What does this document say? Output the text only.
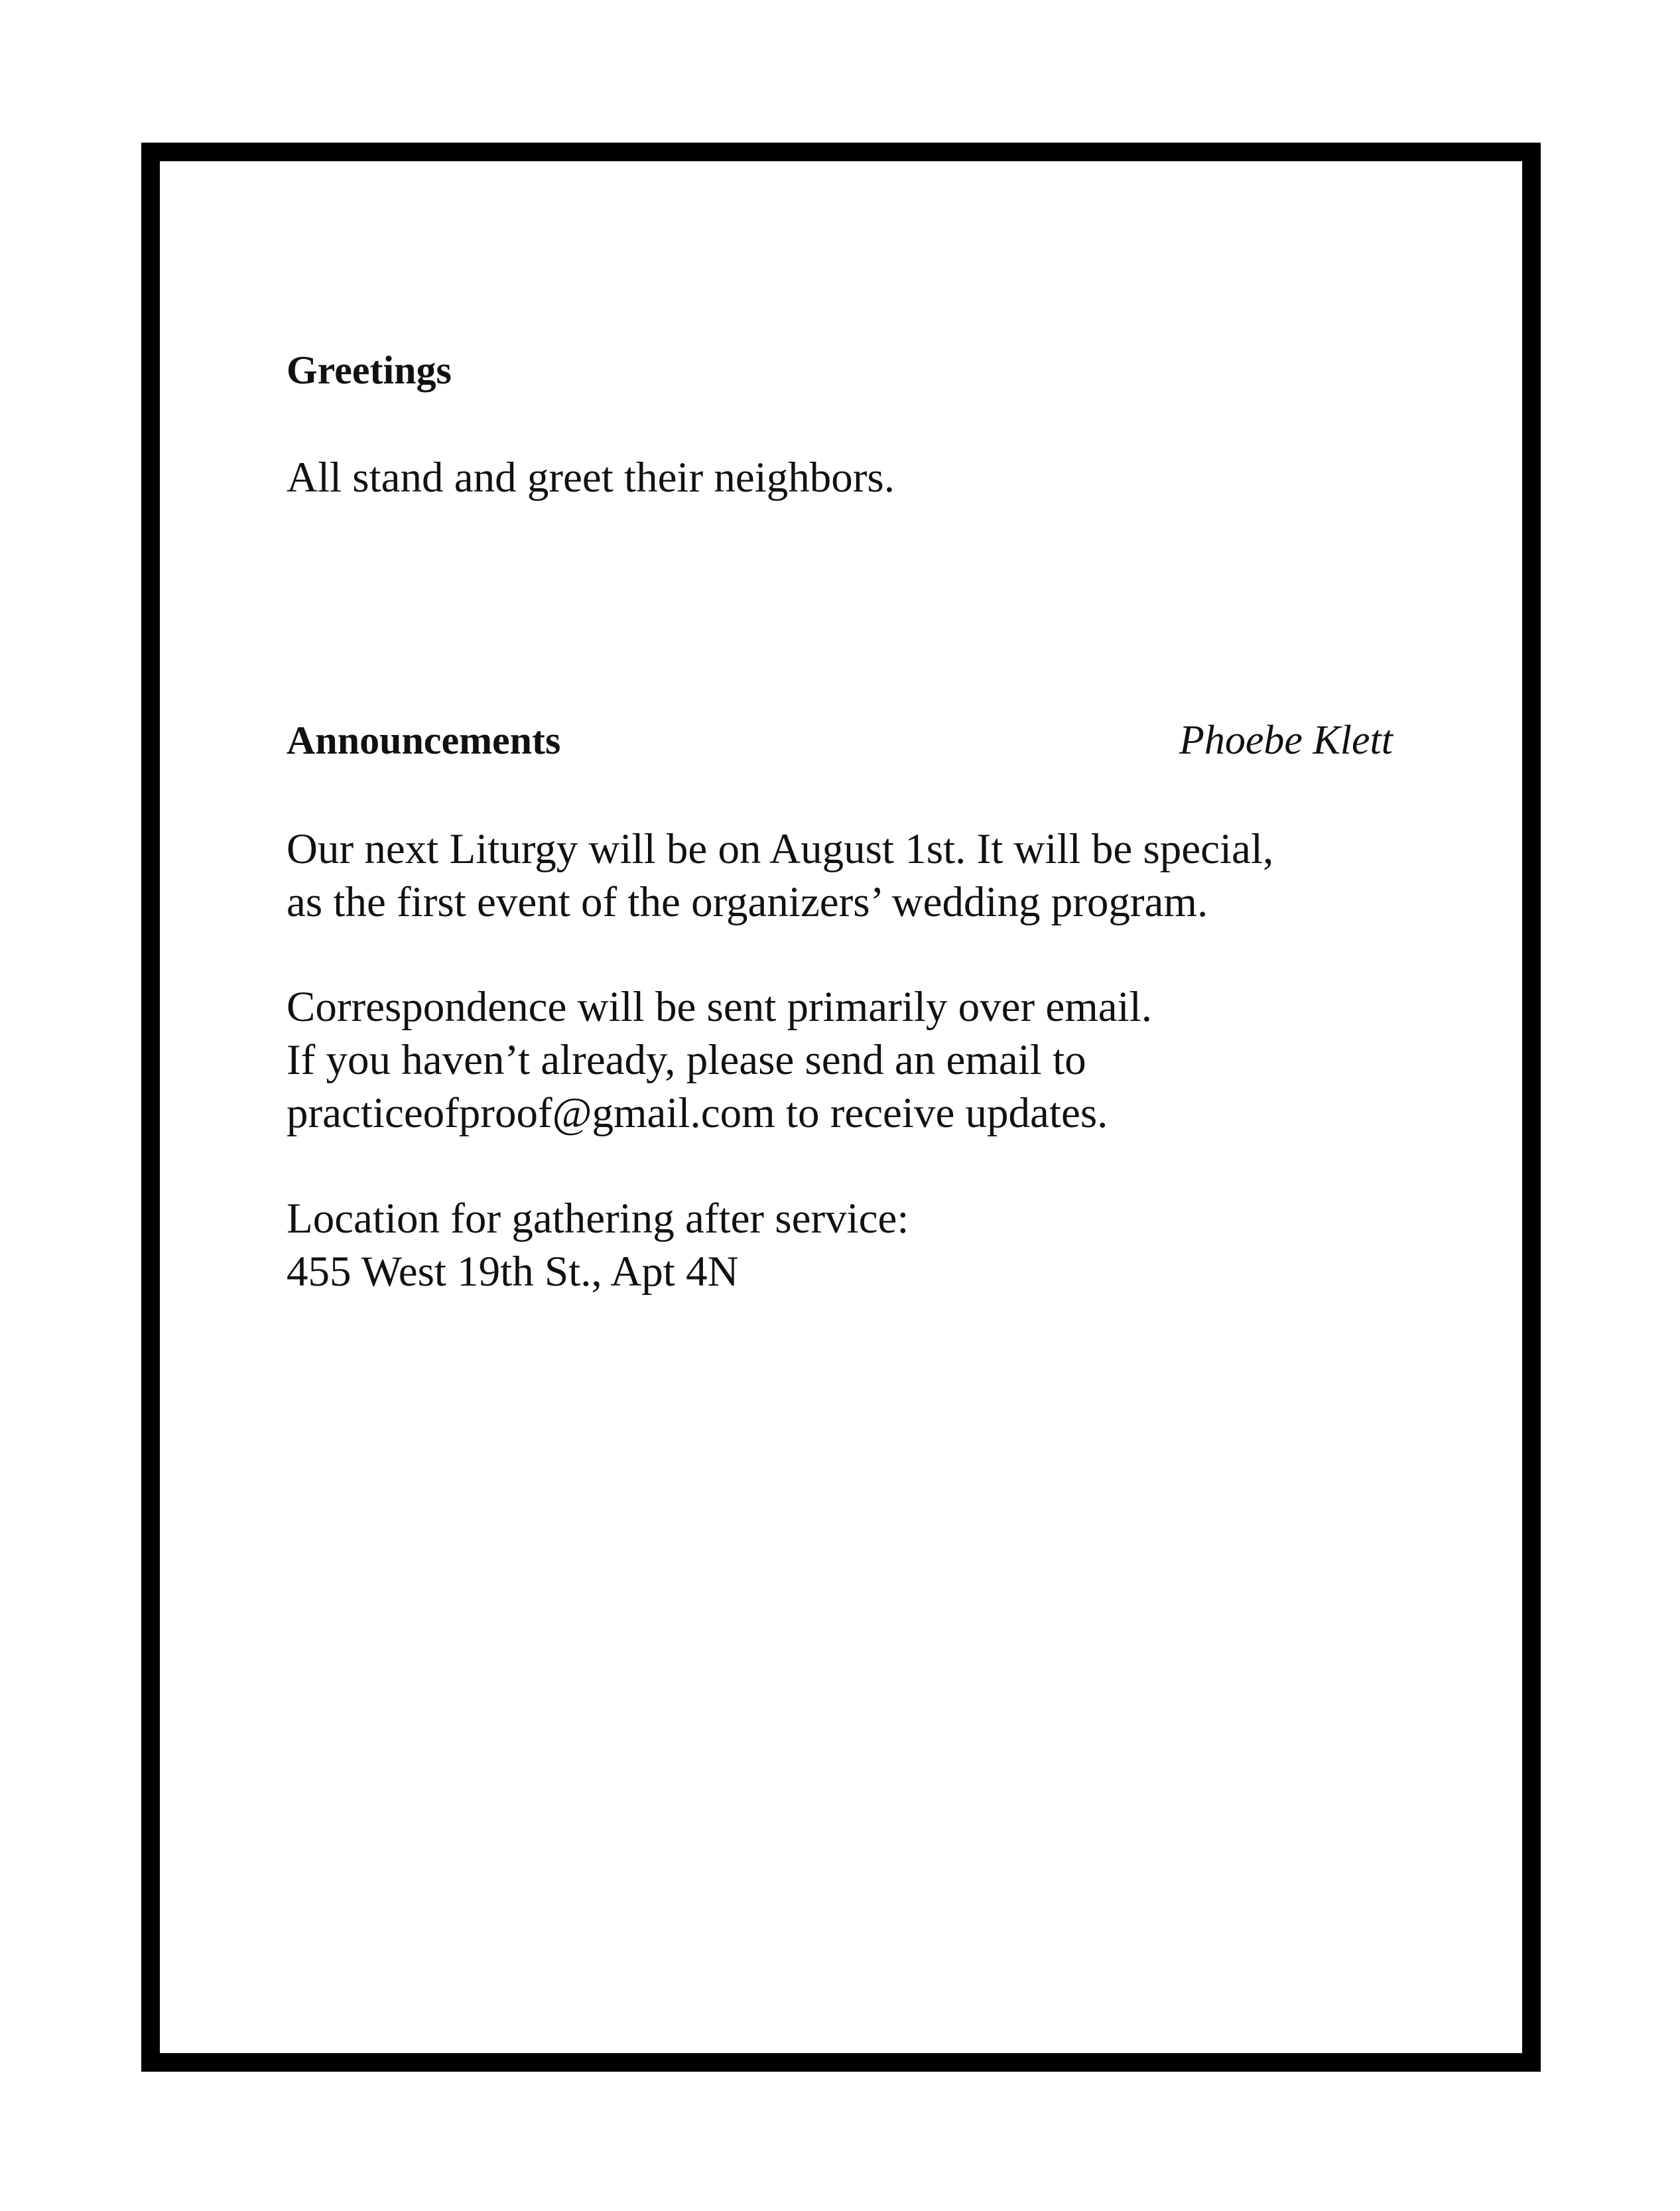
Greetings

All stand and greet their neighbors.

Announcements	Phoebe Klett

Our next Liturgy will be on August 1st. It will be special,
as the first event of the organizers’ wedding program.

Correspondence will be sent primarily over email.
If you haven’t already, please send an email to
practiceofproof@gmail.com to receive updates.

Location for gathering after service:
455 West 19th St., Apt 4N
